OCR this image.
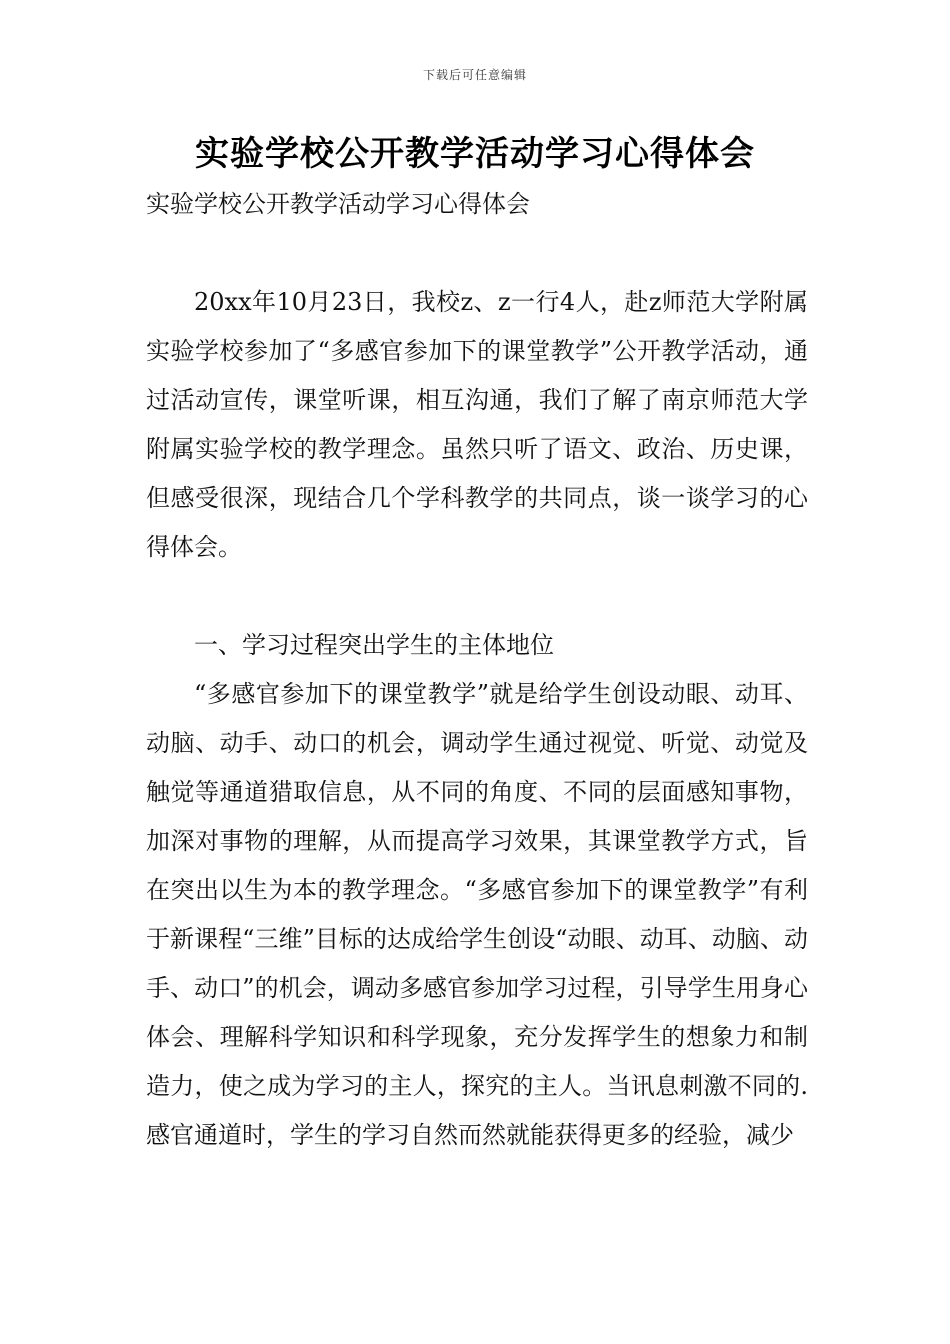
下载后可任意编辑
实验学校公开教学活动学习心得体会
实验学校公开教学活动学习心得体会

20xx年10月23日，我校z、z一行4人，赴z师范大学附属实验学校参加了“多感官参加下的课堂教学”公开教学活动，通过活动宣传，课堂听课，相互沟通，我们了解了南京师范大学附属实验学校的教学理念。虽然只听了语文、政治、历史课，但感受很深，现结合几个学科教学的共同点，谈一谈学习的心得体会。

一、学习过程突出学生的主体地位

“多感官参加下的课堂教学”就是给学生创设动眼、动耳、动脑、动手、动口的机会，调动学生通过视觉、听觉、动觉及触觉等通道猎取信息，从不同的角度、不同的层面感知事物，加深对事物的理解，从而提高学习效果，其课堂教学方式，旨在突出以生为本的教学理念。“多感官参加下的课堂教学”有利于新课程“三维”目标的达成给学生创设“动眼、动耳、动脑、动手、动口”的机会，调动多感官参加学习过程，引导学生用身心体会、理解科学知识和科学现象，充分发挥学生的想象力和制造力，使之成为学习的主人，探究的主人。当讯息刺激不同的.感官通道时，学生的学习自然而然就能获得更多的经验，减少
